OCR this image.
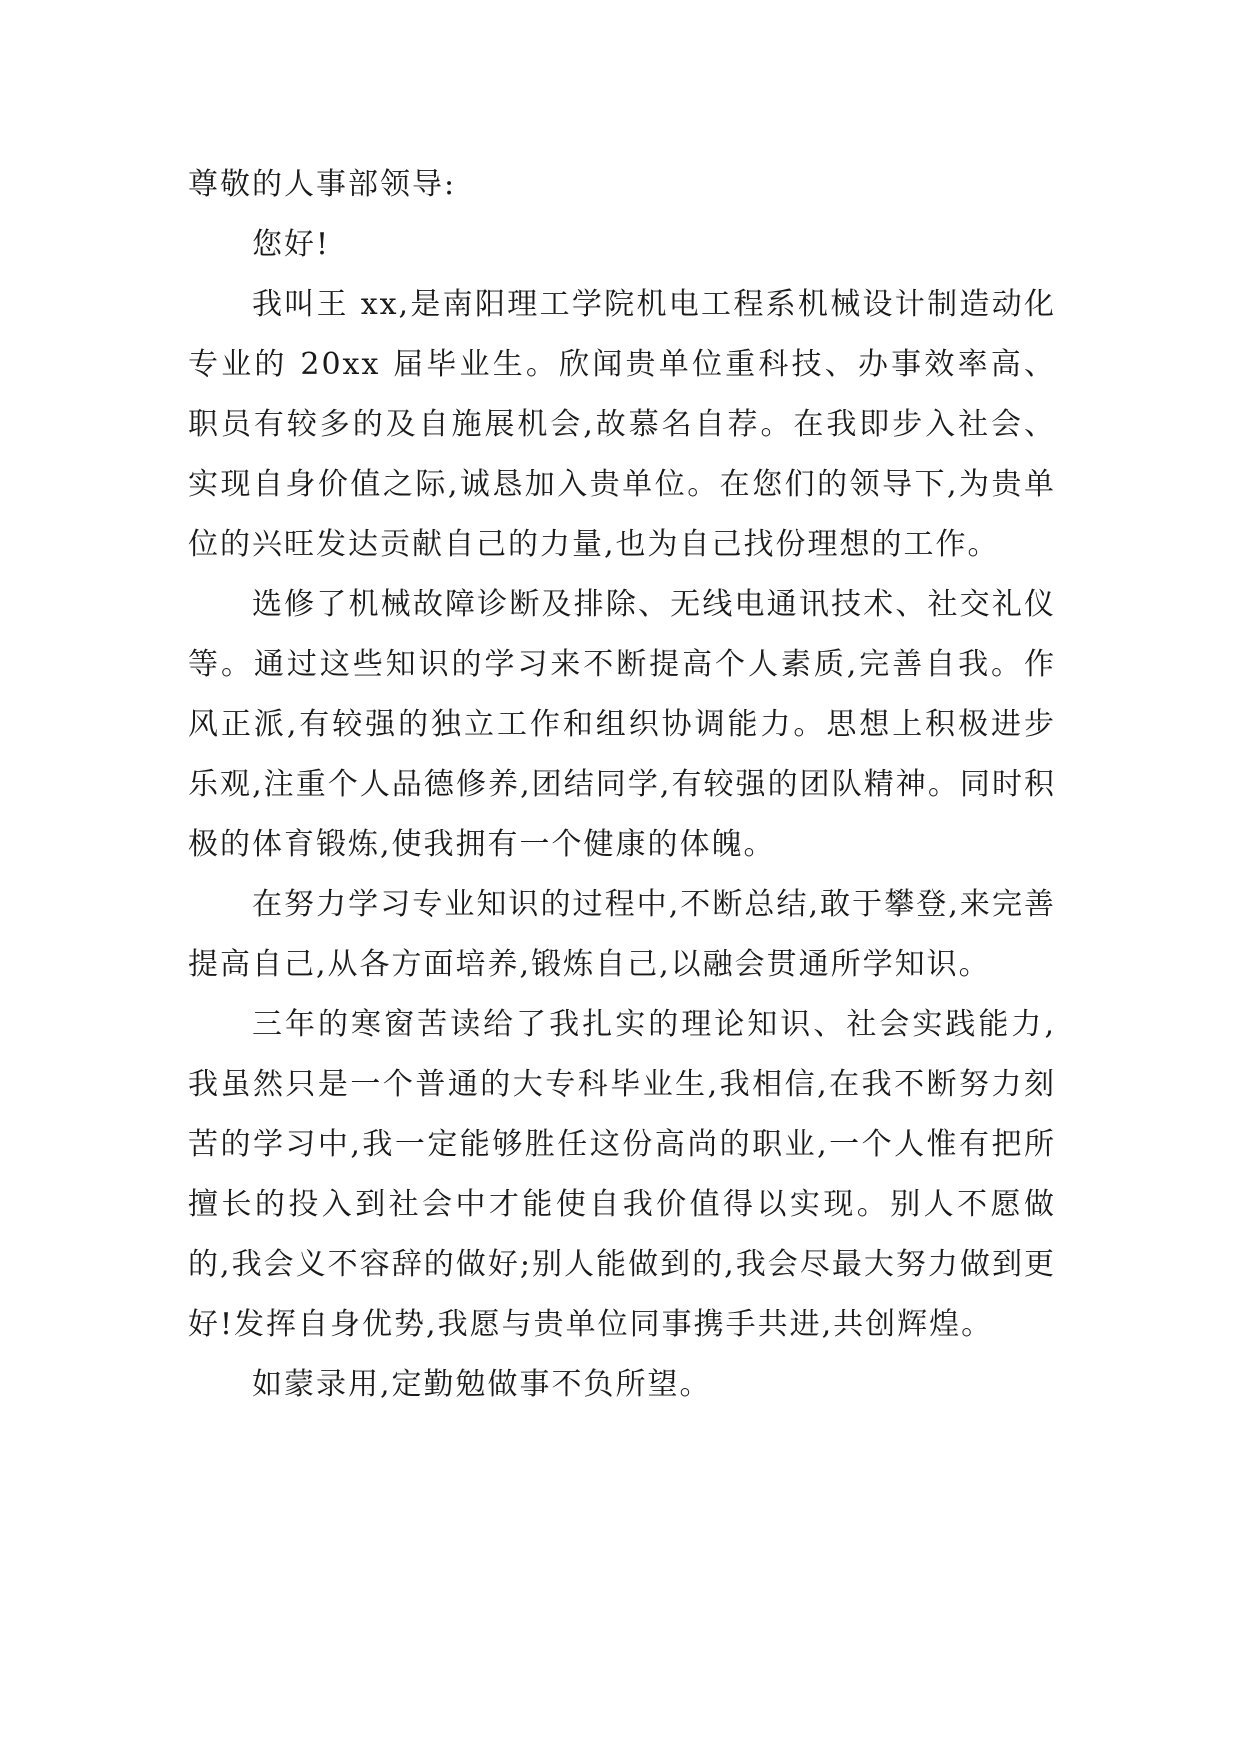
尊敬的人事部领导:

您好!

我叫王 xx,是南阳理工学院机电工程系机械设计制造动化专业的 20xx 届毕业生。欣闻贵单位重科技、办事效率高、职员有较多的及自施展机会,故慕名自荐。在我即步入社会、实现自身价值之际,诚恳加入贵单位。在您们的领导下,为贵单位的兴旺发达贡献自己的力量,也为自己找份理想的工作。

选修了机械故障诊断及排除、无线电通讯技术、社交礼仪等。通过这些知识的学习来不断提高个人素质,完善自我。作风正派,有较强的独立工作和组织协调能力。思想上积极进步乐观,注重个人品德修养,团结同学,有较强的团队精神。同时积极的体育锻炼,使我拥有一个健康的体魄。

在努力学习专业知识的过程中,不断总结,敢于攀登,来完善提高自己,从各方面培养,锻炼自己,以融会贯通所学知识。

三年的寒窗苦读给了我扎实的理论知识、社会实践能力,我虽然只是一个普通的大专科毕业生,我相信,在我不断努力刻苦的学习中,我一定能够胜任这份高尚的职业,一个人惟有把所擅长的投入到社会中才能使自我价值得以实现。别人不愿做的,我会义不容辞的做好;别人能做到的,我会尽最大努力做到更好!发挥自身优势,我愿与贵单位同事携手共进,共创辉煌。

如蒙录用,定勤勉做事不负所望。
